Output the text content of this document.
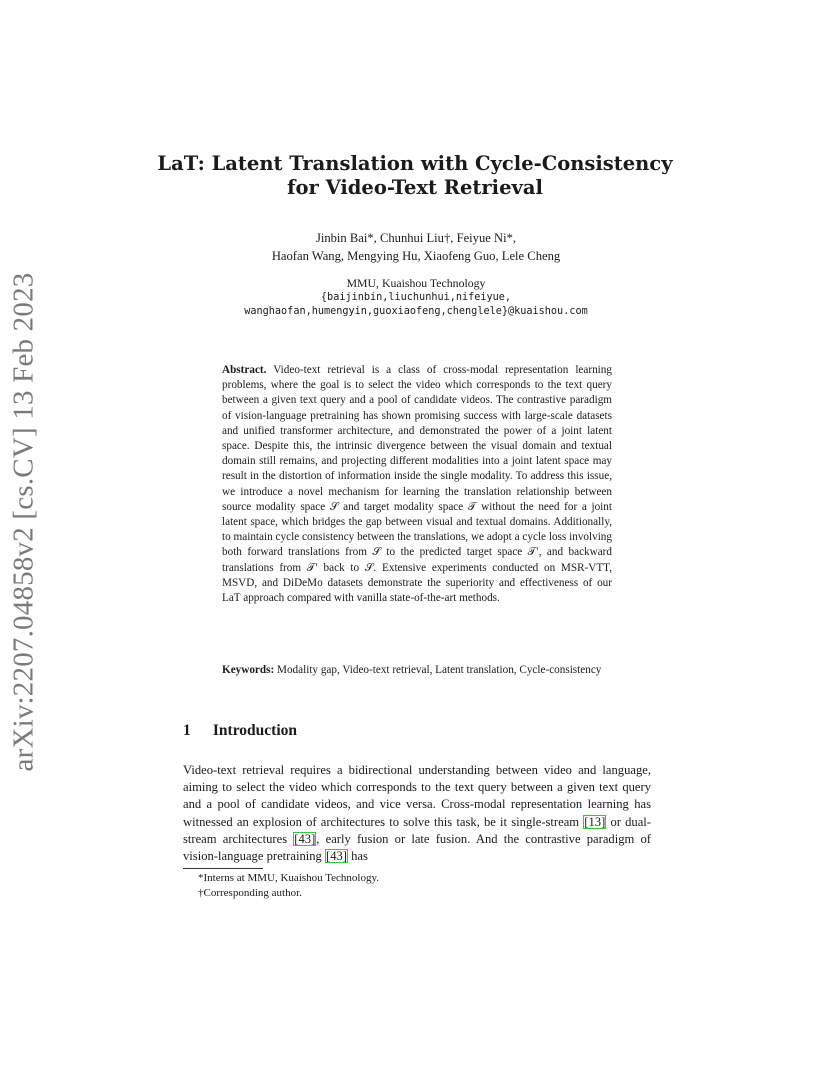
arXiv:2207.04858v2 [cs.CV] 13 Feb 2023
LaT: Latent Translation with Cycle-Consistency
for Video-Text Retrieval
Jinbin Bai*, Chunhui Liu†, Feiyue Ni*,
Haofan Wang, Mengying Hu, Xiaofeng Guo, Lele Cheng
MMU, Kuaishou Technology
{baijinbin,liuchunhui,nifeiyue,
wanghaofan,humengyin,guoxiaofeng,chenglele}@kuaishou.com
Abstract. Video-text retrieval is a class of cross-modal representation learning problems, where the goal is to select the video which corresponds to the text query between a given text query and a pool of candidate videos. The contrastive paradigm of vision-language pretraining has shown promising success with large-scale datasets and unified transformer architecture, and demonstrated the power of a joint latent space. Despite this, the intrinsic divergence between the visual domain and textual domain still remains, and projecting different modalities into a joint latent space may result in the distortion of information inside the single modality. To address this issue, we introduce a novel mechanism for learning the translation relationship between source modality space 𝒮 and target modality space 𝒯 without the need for a joint latent space, which bridges the gap between visual and textual domains. Additionally, to maintain cycle consistency between the translations, we adopt a cycle loss involving both forward translations from 𝒮 to the predicted target space 𝒯′, and backward translations from 𝒯′ back to 𝒮. Extensive experiments conducted on MSR-VTT, MSVD, and DiDeMo datasets demonstrate the superiority and effectiveness of our LaT approach compared with vanilla state-of-the-art methods.
Keywords: Modality gap, Video-text retrieval, Latent translation, Cycle-consistency
1 Introduction
Video-text retrieval requires a bidirectional understanding between video and language, aiming to select the video which corresponds to the text query between a given text query and a pool of candidate videos, and vice versa. Cross-modal representation learning has witnessed an explosion of architectures to solve this task, be it single-stream [13] or dual-stream architectures [43], early fusion or late fusion. And the contrastive paradigm of vision-language pretraining [43] has
*Interns at MMU, Kuaishou Technology.
†Corresponding author.
